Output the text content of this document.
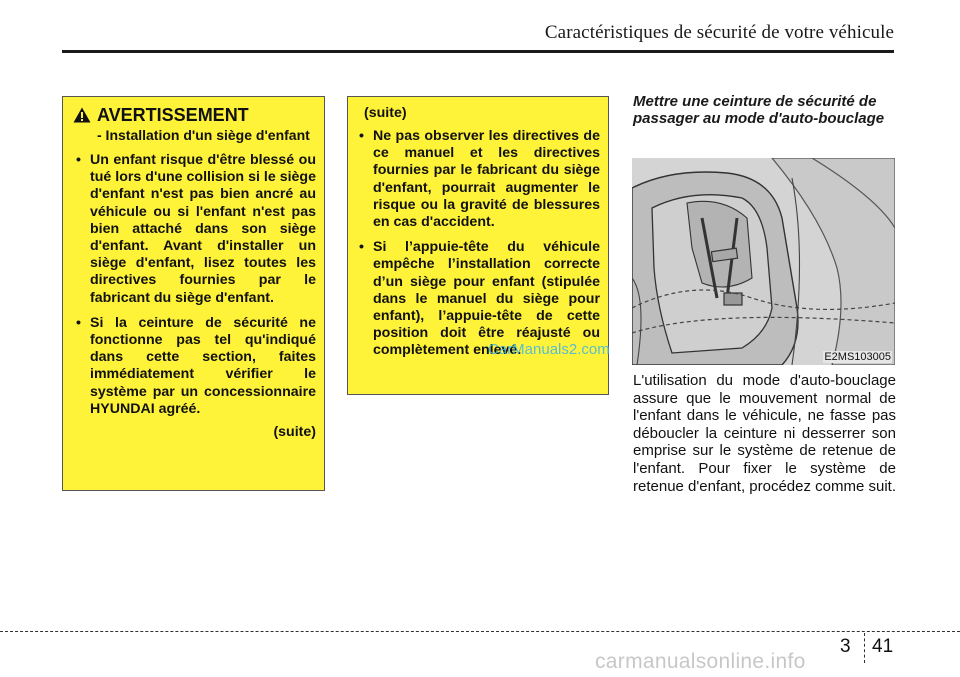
Caractéristiques de sécurité de votre véhicule
AVERTISSEMENT
- Installation d'un siège d'enfant
• Un enfant risque d'être blessé ou tué lors d'une collision si le siège d'enfant n'est pas bien ancré au véhicule ou si l'enfant n'est pas bien attaché dans son siège d'enfant. Avant d'installer un siège d'enfant, lisez toutes les directives fournies par le fabricant du siège d'enfant.
• Si la ceinture de sécurité ne fonctionne pas tel qu'indiqué dans cette section, faites immédiatement vérifier le système par un concessionnaire HYUNDAI agréé.
(suite)
(suite)
• Ne pas observer les directives de ce manuel et les directives fournies par le fabricant du siège d'enfant, pourrait augmenter le risque ou la gravité de blessures en cas d'accident.
• Si l’appuie-tête du véhicule empêche l’installation correcte d’un siège pour enfant (stipulée dans le manuel du siège pour enfant), l’appuie-tête de cette position doit être réajusté ou complètement enlevé.
CarManuals2.com
Mettre une ceinture de sécurité de passager au mode d'auto-bouclage
E2MS103005
L'utilisation du mode d'auto-bouclage assure que le mouvement normal de l'enfant dans le véhicule, ne fasse pas déboucler la ceinture ni desserrer son emprise sur le système de retenue de l'enfant. Pour fixer le système de retenue d'enfant, procédez comme suit.
3 41
carmanualsonline.info
